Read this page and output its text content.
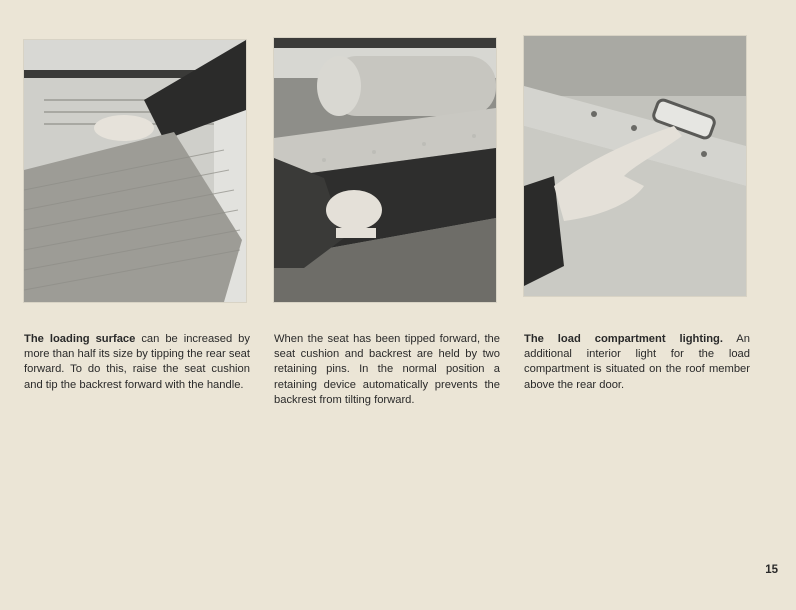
The loading surface can be increased by more than half its size by tipping the rear seat forward. To do this, raise the seat cushion and tip the backrest forward with the handle.
When the seat has been tipped forward, the seat cushion and backrest are held by two retaining pins. In the normal position a retaining device automatically prevents the backrest from tilting forward.
The load compartment lighting. An additional interior light for the load compartment is situated on the roof member above the rear door.
15
